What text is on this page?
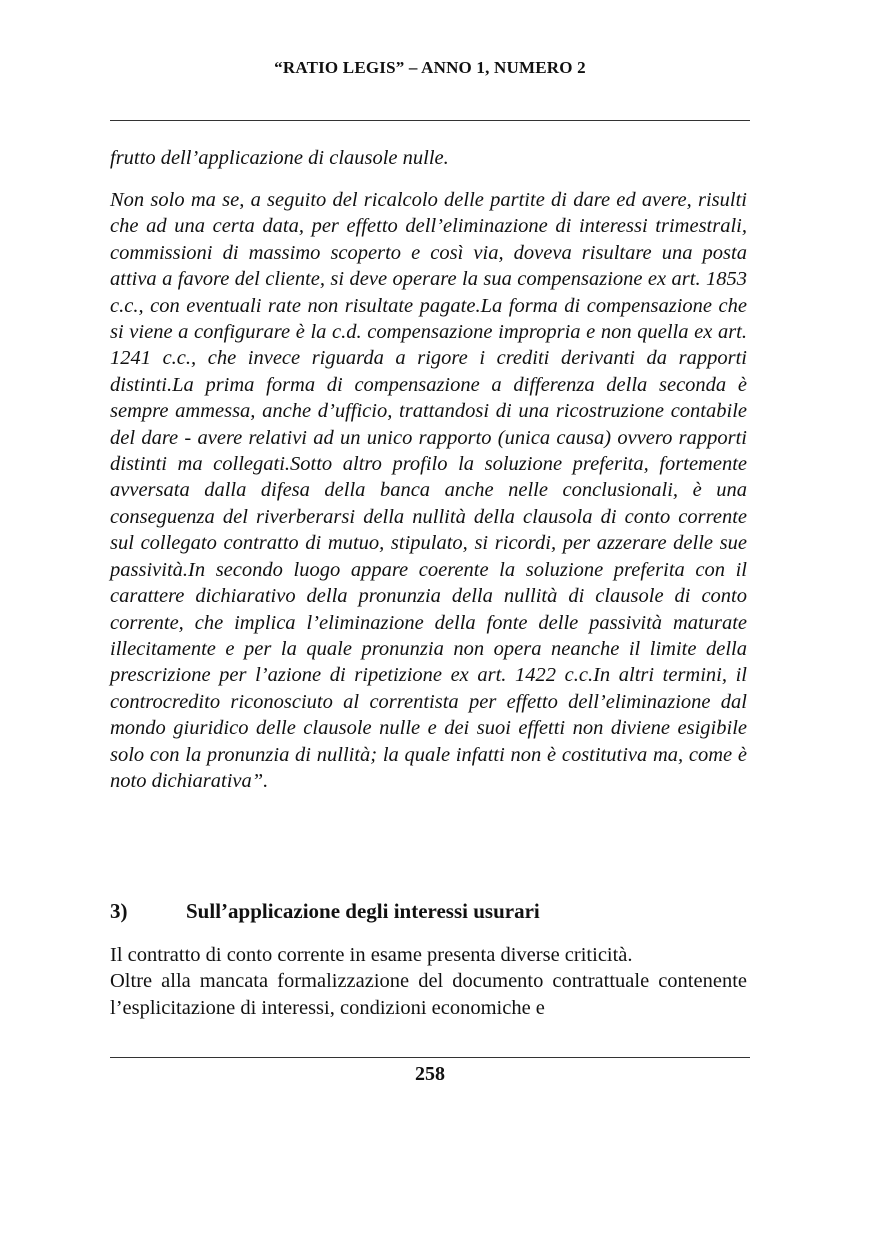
“RATIO LEGIS” – ANNO 1, NUMERO 2

frutto dell’applicazione di clausole nulle.

Non solo ma se, a seguito del ricalcolo delle partite di dare ed avere, risulti che ad una certa data, per effetto dell’eliminazione di interessi trimestrali, commissioni di massimo scoperto e così via, doveva risultare una posta attiva a favore del cliente, si deve operare la sua compensazione ex art. 1853 c.c., con eventuali rate non risultate pagate.La forma di compensazione che si viene a configurare è la c.d. compensazione impropria e non quella ex art. 1241 c.c., che invece riguarda a rigore i crediti derivanti da rapporti distinti.La prima forma di compensazione a differenza della seconda è sempre ammessa, anche d’ufficio, trattandosi di una ricostruzione contabile del dare - avere relativi ad un unico rapporto (unica causa) ovvero rapporti distinti ma collegati.Sotto altro profilo la soluzione preferita, fortemente avversata dalla difesa della banca anche nelle conclusionali, è una conseguenza del riverberarsi della nullità della clausola di conto corrente sul collegato contratto di mutuo, stipulato, si ricordi, per azzerare delle sue passività.In secondo luogo appare coerente la soluzione preferita con il carattere dichiarativo della pronunzia della nullità di clausole di conto corrente, che implica l’eliminazione della fonte delle passività maturate illecitamente e per la quale pronunzia non opera neanche il limite della prescrizione per l’azione di ripetizione ex art. 1422 c.c.In altri termini, il controcredito riconosciuto al correntista per effetto dell’eliminazione dal mondo giuridico delle clausole nulle e dei suoi effetti non diviene esigibile solo con la pronunzia di nullità; la quale infatti non è costitutiva ma, come è noto dichiarativa”.

3)	Sull’applicazione degli interessi usurari

Il contratto di conto corrente in esame presenta diverse criticità.

Oltre alla mancata formalizzazione del documento contrattuale contenente l’esplicitazione di interessi, condizioni economiche e

258
